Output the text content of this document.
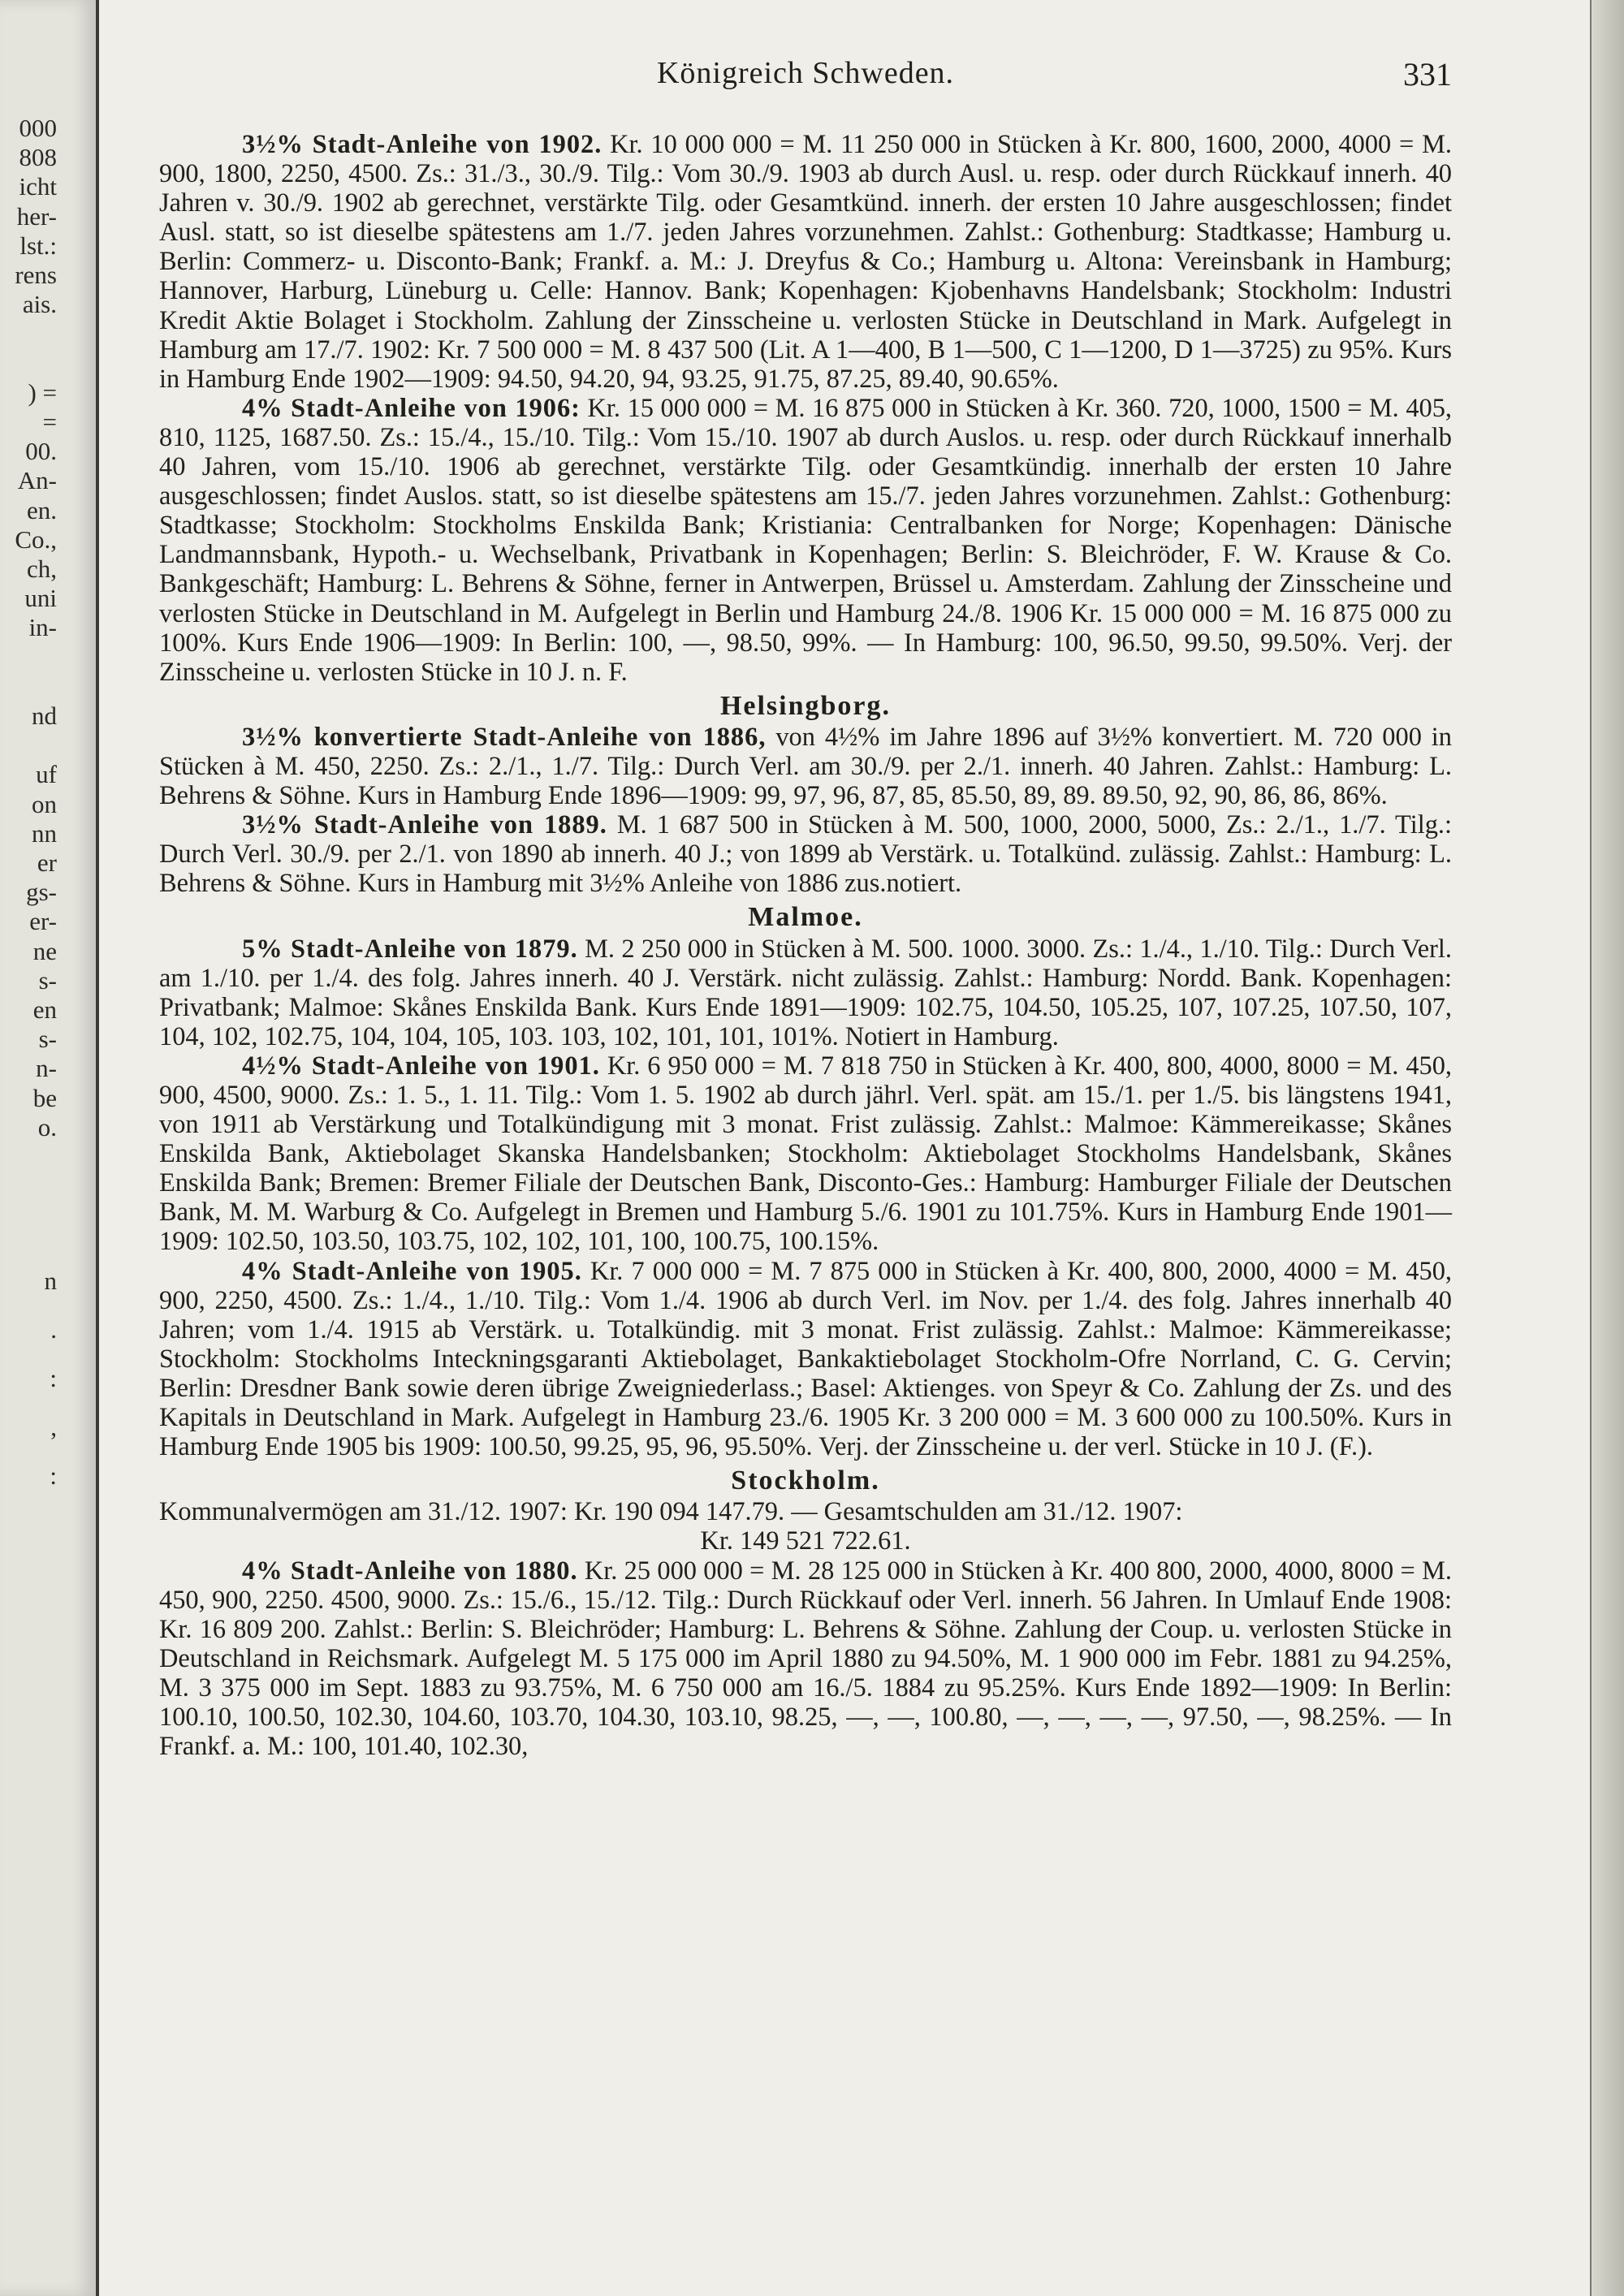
000
808
icht
her-
lst.:
rens
ais.
) =
=
00.
An-
en.
Co.,
ch,
uni
in-
nd
uf
on
nn
er
gs-
er-
ne
s-
en
s-
n-
be
o.
n
.
:
,
:
Königreich Schweden.	331

3½% Stadt-Anleihe von 1902. Kr. 10 000 000 = M. 11 250 000 in Stücken à Kr. 800, 1600, 2000, 4000 = M. 900, 1800, 2250, 4500. Zs.: 31./3., 30./9. Tilg.: Vom 30./9. 1903 ab durch Ausl. u. resp. oder durch Rückkauf innerh. 40 Jahren v. 30./9. 1902 ab gerechnet, verstärkte Tilg. oder Gesamtkünd. innerh. der ersten 10 Jahre ausgeschlossen; findet Ausl. statt, so ist dieselbe spätestens am 1./7. jeden Jahres vorzunehmen. Zahlst.: Gothenburg: Stadtkasse; Hamburg u. Berlin: Commerz- u. Disconto-Bank; Frankf. a. M.: J. Dreyfus & Co.; Hamburg u. Altona: Vereinsbank in Hamburg; Hannover, Harburg, Lüneburg u. Celle: Hannov. Bank; Kopenhagen: Kjobenhavns Handelsbank; Stockholm: Industri Kredit Aktie Bolaget i Stockholm. Zahlung der Zinsscheine u. verlosten Stücke in Deutschland in Mark. Aufgelegt in Hamburg am 17./7. 1902: Kr. 7 500 000 = M. 8 437 500 (Lit. A 1—400, B 1—500, C 1—1200, D 1—3725) zu 95%. Kurs in Hamburg Ende 1902—1909: 94.50, 94.20, 94, 93.25, 91.75, 87.25, 89.40, 90.65%.

4% Stadt-Anleihe von 1906: Kr. 15 000 000 = M. 16 875 000 in Stücken à Kr. 360. 720, 1000, 1500 = M. 405, 810, 1125, 1687.50. Zs.: 15./4., 15./10. Tilg.: Vom 15./10. 1907 ab durch Auslos. u. resp. oder durch Rückkauf innerhalb 40 Jahren, vom 15./10. 1906 ab gerechnet, verstärkte Tilg. oder Gesamtkündig. innerhalb der ersten 10 Jahre ausgeschlossen; findet Auslos. statt, so ist dieselbe spätestens am 15./7. jeden Jahres vorzunehmen. Zahlst.: Gothenburg: Stadtkasse; Stockholm: Stockholms Enskilda Bank; Kristiania: Centralbanken for Norge; Kopenhagen: Dänische Landmannsbank, Hypoth.- u. Wechselbank, Privatbank in Kopenhagen; Berlin: S. Bleichröder, F. W. Krause & Co. Bankgeschäft; Hamburg: L. Behrens & Söhne, ferner in Antwerpen, Brüssel u. Amsterdam. Zahlung der Zinsscheine und verlosten Stücke in Deutschland in M. Aufgelegt in Berlin und Hamburg 24./8. 1906 Kr. 15 000 000 = M. 16 875 000 zu 100%. Kurs Ende 1906—1909: In Berlin: 100, —, 98.50, 99%. — In Hamburg: 100, 96.50, 99.50, 99.50%. Verj. der Zinsscheine u. verlosten Stücke in 10 J. n. F.

Helsingborg.

3½% konvertierte Stadt-Anleihe von 1886, von 4½% im Jahre 1896 auf 3½% konvertiert. M. 720 000 in Stücken à M. 450, 2250. Zs.: 2./1., 1./7. Tilg.: Durch Verl. am 30./9. per 2./1. innerh. 40 Jahren. Zahlst.: Hamburg: L. Behrens & Söhne. Kurs in Hamburg Ende 1896—1909: 99, 97, 96, 87, 85, 85.50, 89, 89. 89.50, 92, 90, 86, 86, 86%.

3½% Stadt-Anleihe von 1889. M. 1 687 500 in Stücken à M. 500, 1000, 2000, 5000, Zs.: 2./1., 1./7. Tilg.: Durch Verl. 30./9. per 2./1. von 1890 ab innerh. 40 J.; von 1899 ab Verstärk. u. Totalkünd. zulässig. Zahlst.: Hamburg: L. Behrens & Söhne. Kurs in Hamburg mit 3½% Anleihe von 1886 zus.notiert.

Malmoe.

5% Stadt-Anleihe von 1879. M. 2 250 000 in Stücken à M. 500. 1000. 3000. Zs.: 1./4., 1./10. Tilg.: Durch Verl. am 1./10. per 1./4. des folg. Jahres innerh. 40 J. Verstärk. nicht zulässig. Zahlst.: Hamburg: Nordd. Bank. Kopenhagen: Privatbank; Malmoe: Skånes Enskilda Bank. Kurs Ende 1891—1909: 102.75, 104.50, 105.25, 107, 107.25, 107.50, 107, 104, 102, 102.75, 104, 104, 105, 103. 103, 102, 101, 101, 101%. Notiert in Hamburg.

4½% Stadt-Anleihe von 1901. Kr. 6 950 000 = M. 7 818 750 in Stücken à Kr. 400, 800, 4000, 8000 = M. 450, 900, 4500, 9000. Zs.: 1. 5., 1. 11. Tilg.: Vom 1. 5. 1902 ab durch jährl. Verl. spät. am 15./1. per 1./5. bis längstens 1941, von 1911 ab Verstärkung und Totalkündigung mit 3 monat. Frist zulässig. Zahlst.: Malmoe: Kämmereikasse; Skånes Enskilda Bank, Aktiebolaget Skanska Handelsbanken; Stockholm: Aktiebolaget Stockholms Handelsbank, Skånes Enskilda Bank; Bremen: Bremer Filiale der Deutschen Bank, Disconto-Ges.: Hamburg: Hamburger Filiale der Deutschen Bank, M. M. Warburg & Co. Aufgelegt in Bremen und Hamburg 5./6. 1901 zu 101.75%. Kurs in Hamburg Ende 1901—1909: 102.50, 103.50, 103.75, 102, 102, 101, 100, 100.75, 100.15%.

4% Stadt-Anleihe von 1905. Kr. 7 000 000 = M. 7 875 000 in Stücken à Kr. 400, 800, 2000, 4000 = M. 450, 900, 2250, 4500. Zs.: 1./4., 1./10. Tilg.: Vom 1./4. 1906 ab durch Verl. im Nov. per 1./4. des folg. Jahres innerhalb 40 Jahren; vom 1./4. 1915 ab Verstärk. u. Totalkündig. mit 3 monat. Frist zulässig. Zahlst.: Malmoe: Kämmereikasse; Stockholm: Stockholms Inteckningsgaranti Aktiebolaget, Bankaktiebolaget Stockholm-Ofre Norrland, C. G. Cervin; Berlin: Dresdner Bank sowie deren übrige Zweigniederlass.; Basel: Aktienges. von Speyr & Co. Zahlung der Zs. und des Kapitals in Deutschland in Mark. Aufgelegt in Hamburg 23./6. 1905 Kr. 3 200 000 = M. 3 600 000 zu 100.50%. Kurs in Hamburg Ende 1905 bis 1909: 100.50, 99.25, 95, 96, 95.50%. Verj. der Zinsscheine u. der verl. Stücke in 10 J. (F.).

Stockholm.

Kommunalvermögen am 31./12. 1907: Kr. 190 094 147.79. — Gesamtschulden am 31./12. 1907:

Kr. 149 521 722.61.

4% Stadt-Anleihe von 1880. Kr. 25 000 000 = M. 28 125 000 in Stücken à Kr. 400 800, 2000, 4000, 8000 = M. 450, 900, 2250. 4500, 9000. Zs.: 15./6., 15./12. Tilg.: Durch Rückkauf oder Verl. innerh. 56 Jahren. In Umlauf Ende 1908: Kr. 16 809 200. Zahlst.: Berlin: S. Bleichröder; Hamburg: L. Behrens & Söhne. Zahlung der Coup. u. verlosten Stücke in Deutschland in Reichsmark. Aufgelegt M. 5 175 000 im April 1880 zu 94.50%, M. 1 900 000 im Febr. 1881 zu 94.25%, M. 3 375 000 im Sept. 1883 zu 93.75%, M. 6 750 000 am 16./5. 1884 zu 95.25%. Kurs Ende 1892—1909: In Berlin: 100.10, 100.50, 102.30, 104.60, 103.70, 104.30, 103.10, 98.25, —, —, 100.80, —, —, —, —, 97.50, —, 98.25%. — In Frankf. a. M.: 100, 101.40, 102.30,
